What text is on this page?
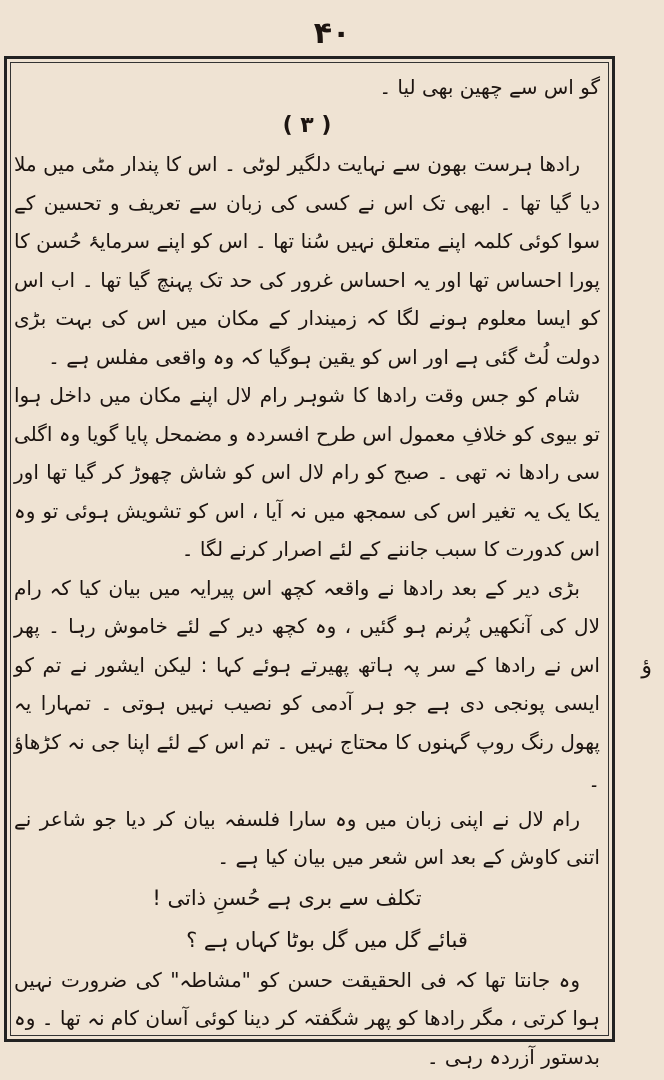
۴۰

گو اس سے چھین بھی لیا ۔

( ۳ )

رادھا ہرست بھون سے نہایت دلگیر لوٹی ۔ اس کا پندار مٹی میں ملا دیا گیا تھا ۔ ابھی تک اس نے کسی کی زبان سے تعریف و تحسین کے سوا کوئی کلمہ اپنے متعلق نہیں سُنا تھا ۔ اس کو اپنے سرمایۂ حُسن کا پورا احساس تھا اور یہ احساس غرور کی حد تک پہنچ گیا تھا ۔ اب اس کو ایسا معلوم ہونے لگا کہ زمیندار کے مکان میں اس کی بہت بڑی دولت لُٹ گئی ہے اور اس کو یقین ہوگیا کہ وہ واقعی مفلس ہے ۔

شام کو جس وقت رادھا کا شوہر رام لال اپنے مکان میں داخل ہوا تو بیوی کو خلافِ معمول اس طرح افسردہ و مضمحل پایا گویا وہ اگلی سی رادھا نہ تھی ۔ صبح کو رام لال اس کو شاش چھوڑ کر گیا تھا اور یکا یک یہ تغیر اس کی سمجھ میں نہ آیا ، اس کو تشویش ہوئی تو وہ اس کدورت کا سبب جاننے کے لئے اصرار کرنے لگا ۔

بڑی دیر کے بعد رادھا نے واقعہ کچھ اس پیرایہ میں بیان کیا کہ رام لال کی آنکھیں پُرنم ہو گئیں ، وہ کچھ دیر کے لئے خاموش رہا ۔ پھر اس نے رادھا کے سر پہ ہاتھ پھیرتے ہوئے کہا : لیکن ایشور نے تم کو ایسی پونجی دی ہے جو ہر آدمی کو نصیب نہیں ہوتی ۔ تمہارا یہ پھول رنگ روپ گہنوں کا محتاج نہیں ۔ تم اس کے لئے اپنا جی نہ کڑھاؤ ۔

رام لال نے اپنی زبان میں وہ سارا فلسفہ بیان کر دیا جو شاعر نے اتنی کاوش کے بعد اس شعر میں بیان کیا ہے ۔

تکلف سے بری ہے حُسنِ ذاتی !

قبائے گل میں گل بوٹا کہاں ہے ؟

وہ جانتا تھا کہ فی الحقیقت حسن کو "مشاطہ" کی ضرورت نہیں ہوا کرتی ، مگر رادھا کو پھر شگفتہ کر دینا کوئی آسان کام نہ تھا ۔ وہ بدستور آزردہ رہی ۔

ؤ
